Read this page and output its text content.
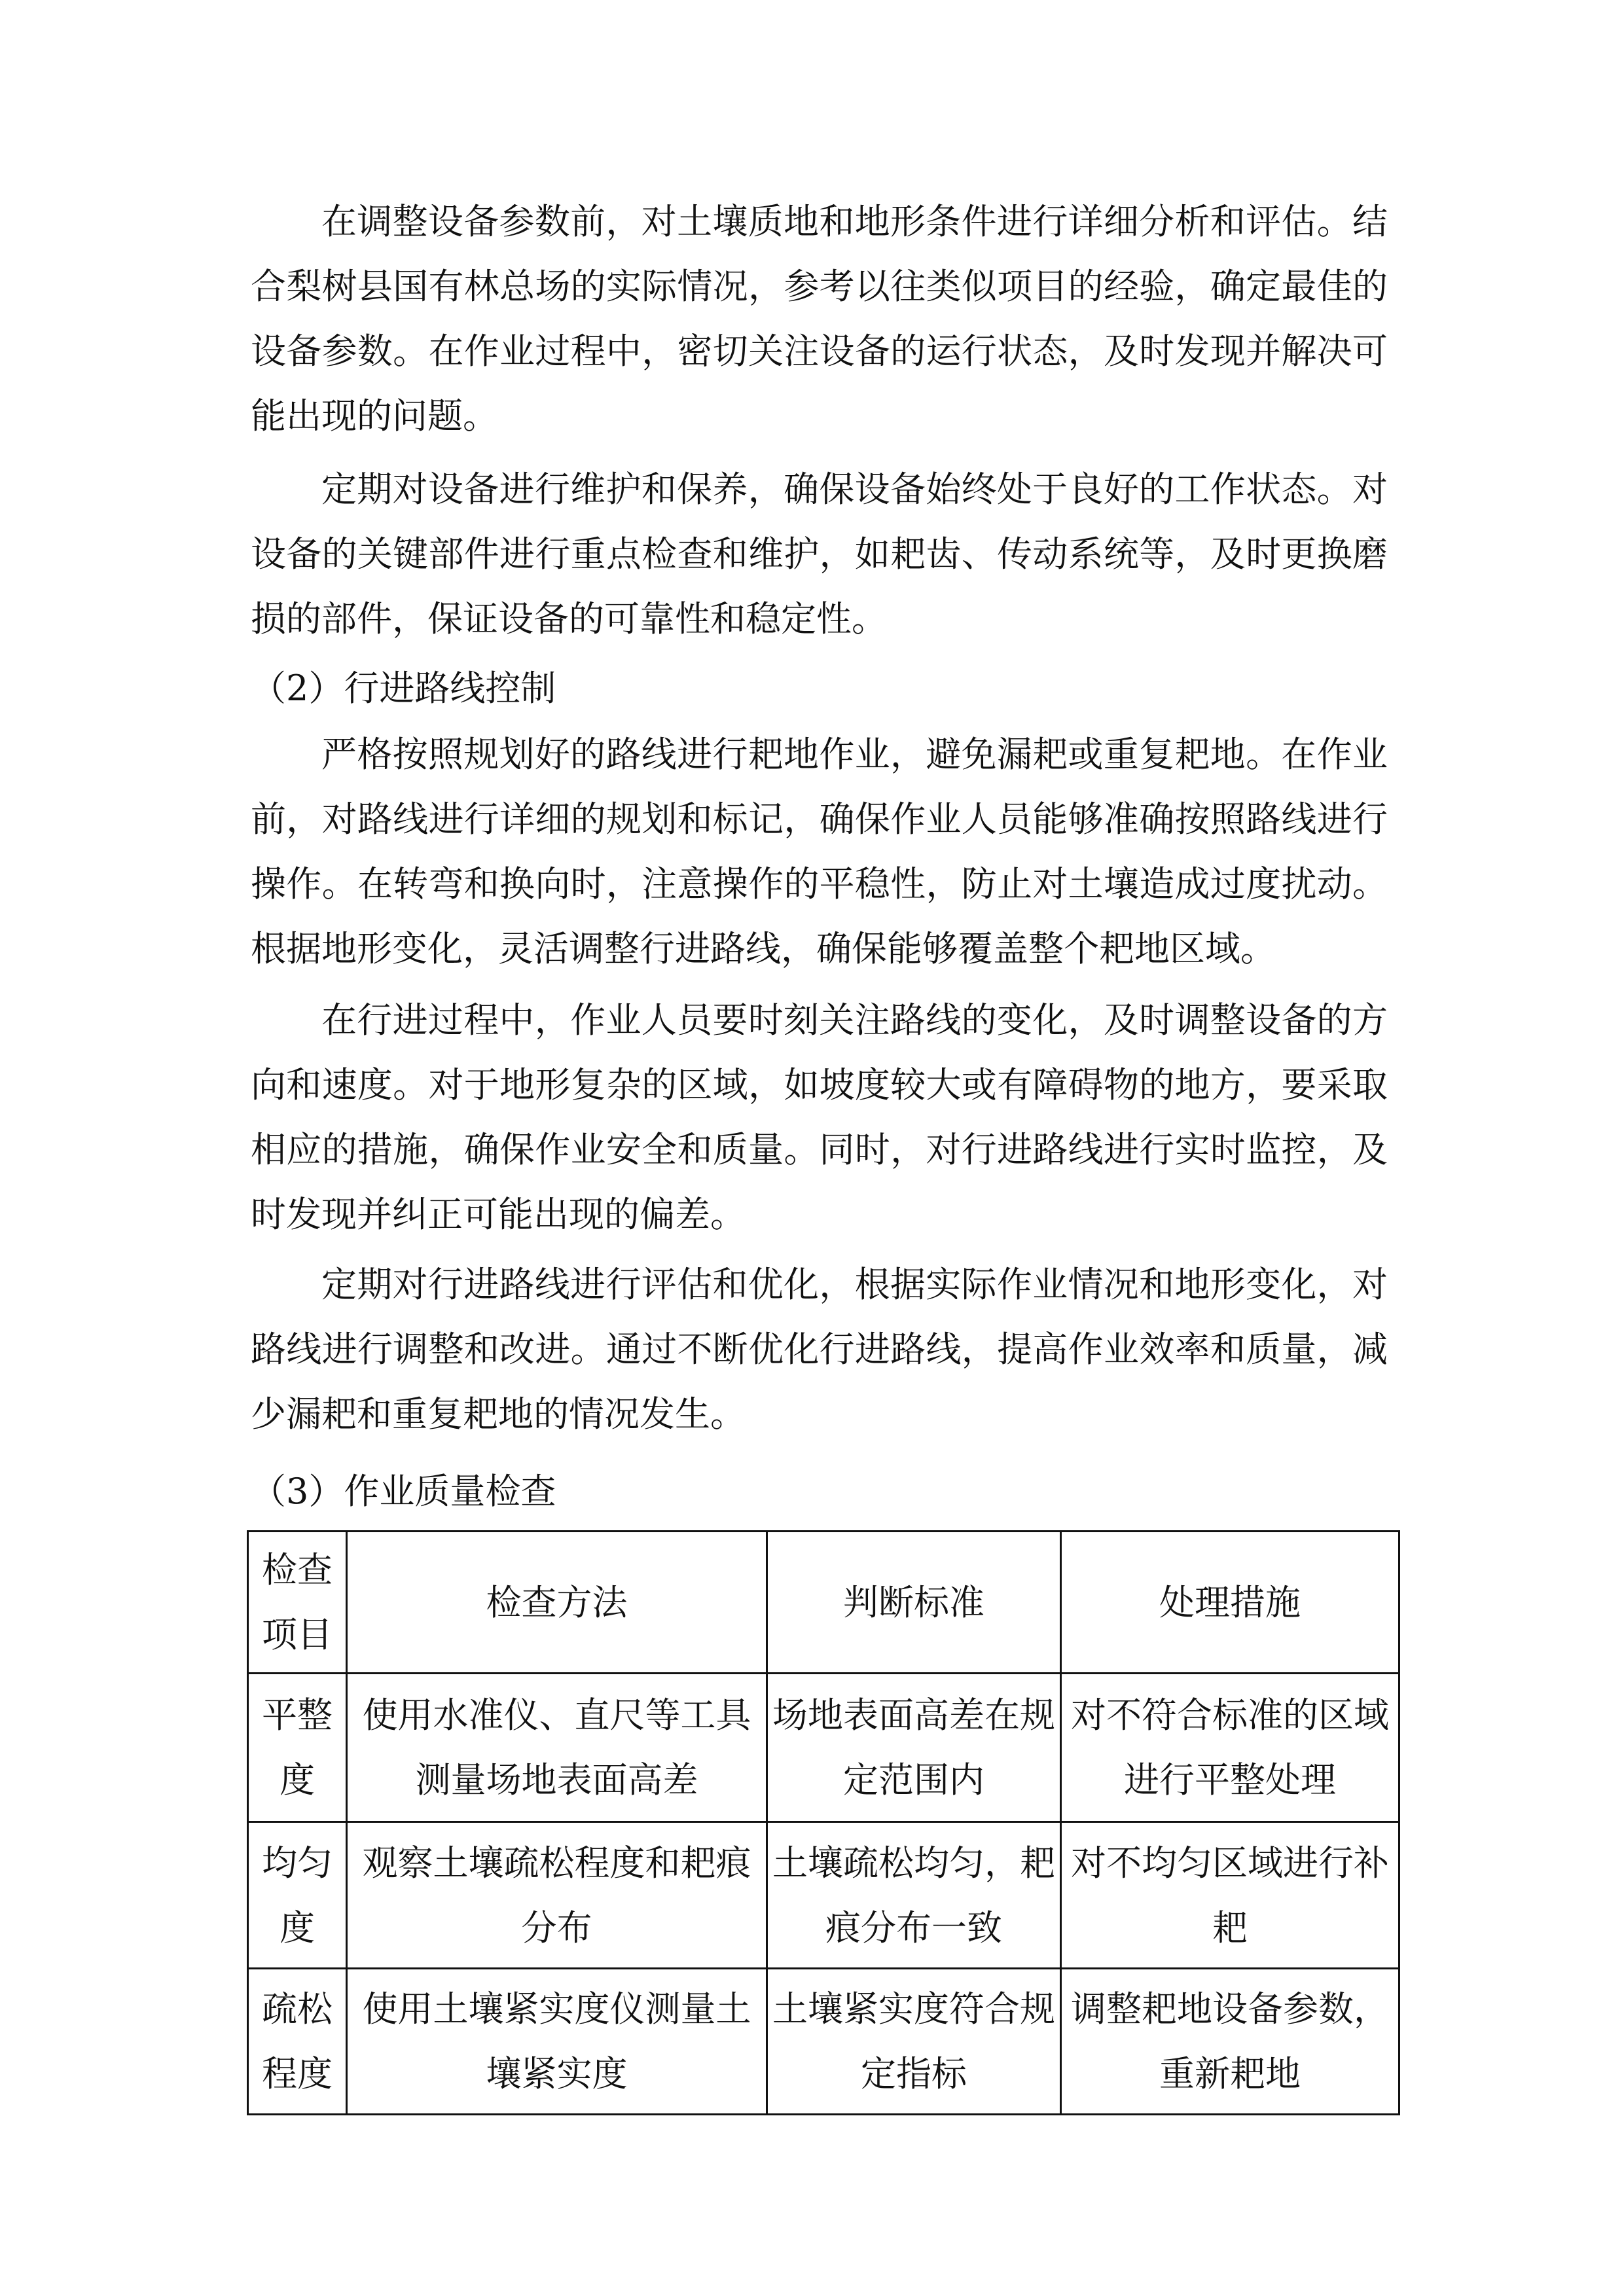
在调整设备参数前，对土壤质地和地形条件进行详细分析和评估。结合梨树县国有林总场的实际情况，参考以往类似项目的经验，确定最佳的设备参数。在作业过程中，密切关注设备的运行状态，及时发现并解决可能出现的问题。

定期对设备进行维护和保养，确保设备始终处于良好的工作状态。对设备的关键部件进行重点检查和维护，如耙齿、传动系统等，及时更换磨损的部件，保证设备的可靠性和稳定性。

（2）行进路线控制

严格按照规划好的路线进行耙地作业，避免漏耙或重复耙地。在作业前，对路线进行详细的规划和标记，确保作业人员能够准确按照路线进行操作。在转弯和换向时，注意操作的平稳性，防止对土壤造成过度扰动。根据地形变化，灵活调整行进路线，确保能够覆盖整个耙地区域。

在行进过程中，作业人员要时刻关注路线的变化，及时调整设备的方向和速度。对于地形复杂的区域，如坡度较大或有障碍物的地方，要采取相应的措施，确保作业安全和质量。同时，对行进路线进行实时监控，及时发现并纠正可能出现的偏差。

定期对行进路线进行评估和优化，根据实际作业情况和地形变化，对路线进行调整和改进。通过不断优化行进路线，提高作业效率和质量，减少漏耙和重复耙地的情况发生。

（3）作业质量检查

检查项目	检查方法	判断标准	处理措施
平整度	使用水准仪、直尺等工具测量场地表面高差	场地表面高差在规定范围内	对不符合标准的区域进行平整处理
均匀度	观察土壤疏松程度和耙痕分布	土壤疏松均匀，耙痕分布一致	对不均匀区域进行补耙
疏松程度	使用土壤紧实度仪测量土壤紧实度	土壤紧实度符合规定指标	调整耙地设备参数，重新耙地
